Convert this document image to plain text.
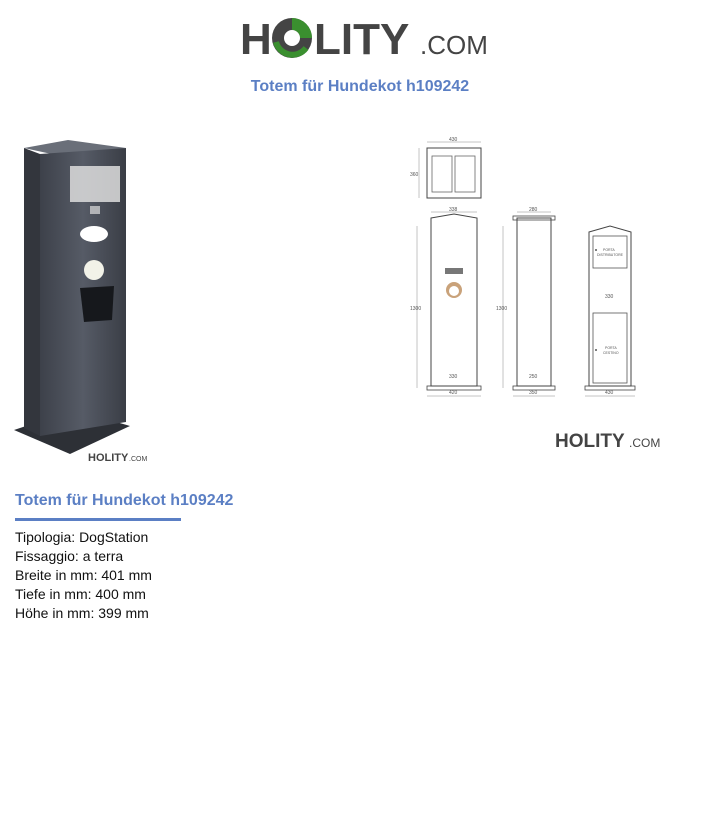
H LITY .COM
Totem für Hundekot h109242
HOLITY .COM
430
360
338
1300
330
420
280
1300
250
350
PORTA
DISTRIBUTORE
PORTA
CESTINO
330
430
HOLITY .COM
Totem für Hundekot h109242
Tipologia: DogStation
Fissaggio: a terra
Breite in mm: 401 mm
Tiefe in mm: 400 mm
Höhe in mm: 399 mm
